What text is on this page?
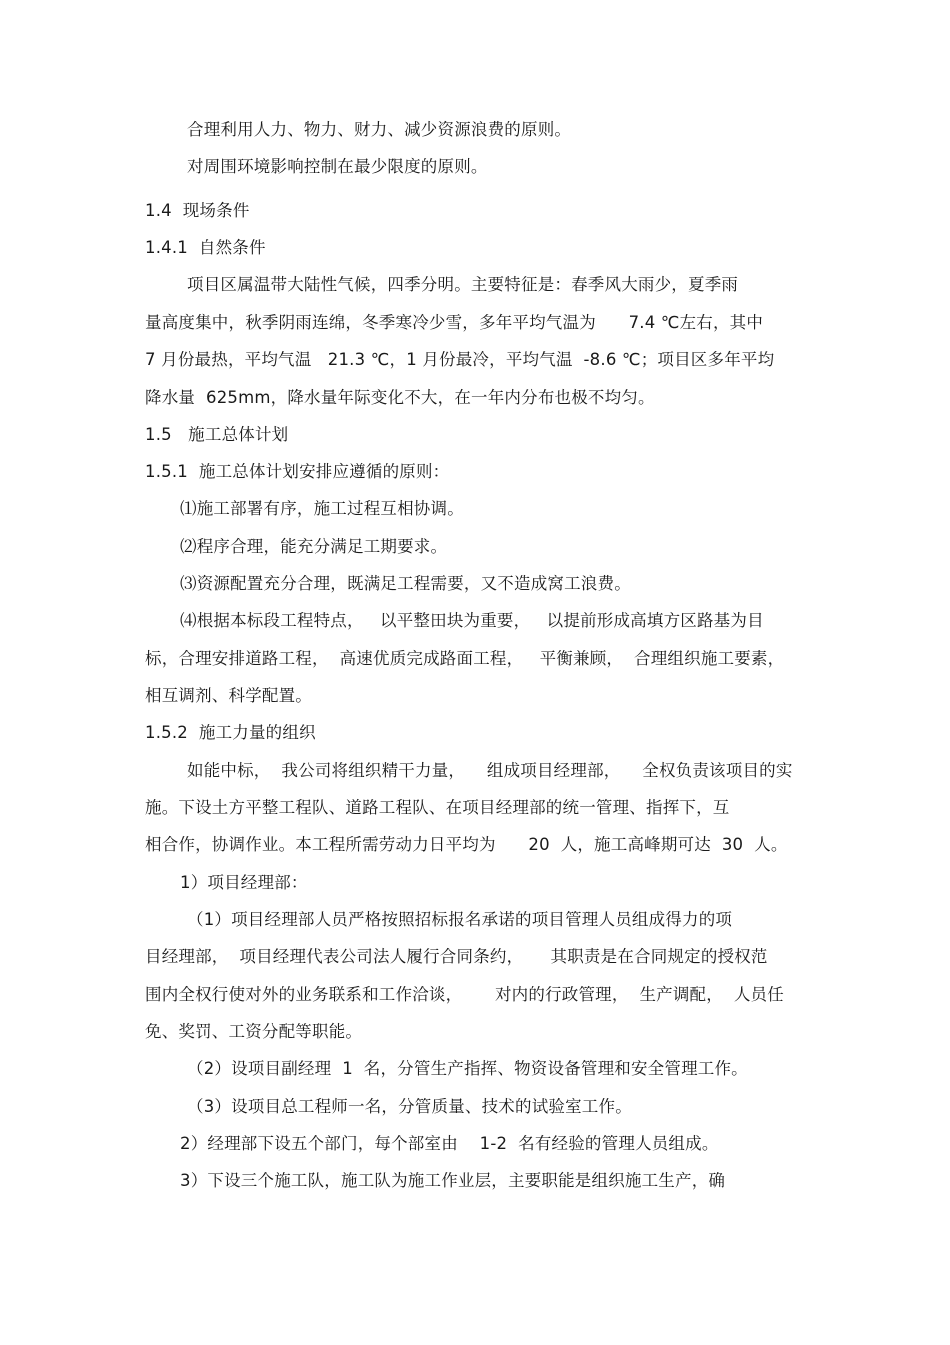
合理利用人力、物力、财力、减少资源浪费的原则。
对周围环境影响控制在最少限度的原则。
1.4  现场条件
1.4.1  自然条件
项目区属温带大陆性气候，四季分明。主要特征是：春季风大雨少，夏季雨
量高度集中，秋季阴雨连绵，冬季寒冷少雪，多年平均气温为      7.4 ℃左右，其中
7 月份最热，平均气温   21.3 ℃，1 月份最冷，平均气温  -8.6 ℃；项目区多年平均
降水量  625mm，降水量年际变化不大，在一年内分布也极不均匀。
1.5   施工总体计划
1.5.1  施工总体计划安排应遵循的原则：
⑴施工部署有序，施工过程互相协调。
⑵程序合理，能充分满足工期要求。
⑶资源配置充分合理，既满足工程需要，又不造成窝工浪费。
⑷根据本标段工程特点，   以平整田块为重要，   以提前形成高填方区路基为目
标，合理安排道路工程，  高速优质完成路面工程，   平衡兼顾，  合理组织施工要素，
相互调剂、科学配置。
1.5.2  施工力量的组织
如能中标，  我公司将组织精干力量，    组成项目经理部，    全权负责该项目的实
施。下设土方平整工程队、道路工程队、在项目经理部的统一管理、指挥下，互
相合作，协调作业。本工程所需劳动力日平均为      20  人，施工高峰期可达  30  人。
1）项目经理部：
（1）项目经理部人员严格按照招标报名承诺的项目管理人员组成得力的项
目经理部，  项目经理代表公司法人履行合同条约，     其职责是在合同规定的授权范
围内全权行使对外的业务联系和工作洽谈，      对内的行政管理，  生产调配，  人员任
免、奖罚、工资分配等职能。
（2）设项目副经理  1  名，分管生产指挥、物资设备管理和安全管理工作。
（3）设项目总工程师一名，分管质量、技术的试验室工作。
2）经理部下设五个部门，每个部室由    1-2  名有经验的管理人员组成。
3）下设三个施工队，施工队为施工作业层，主要职能是组织施工生产，确
